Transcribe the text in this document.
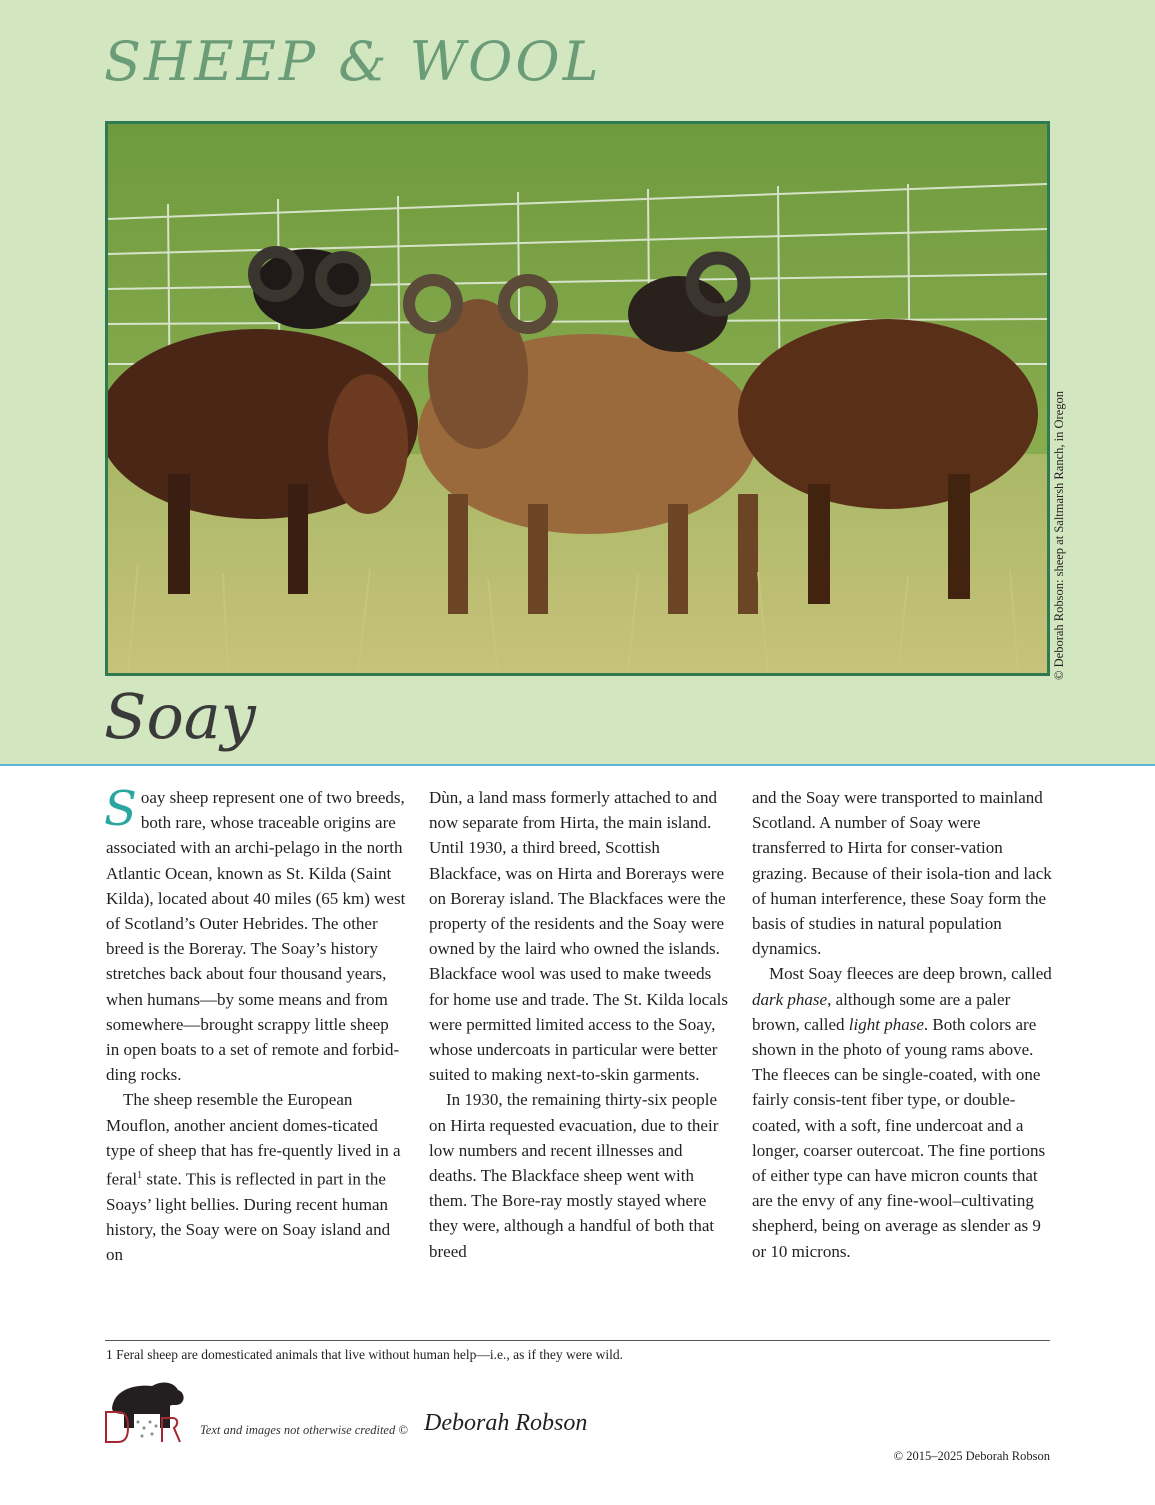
SHEEP & WOOL
© Deborah Robson: sheep at Saltmarsh Ranch, in Oregon
Soay

Soay sheep represent one of two breeds, both rare, whose traceable origins are associated with an archi-pelago in the north Atlantic Ocean, known as St. Kilda (Saint Kilda), located about 40 miles (65 km) west of Scotland’s Outer Hebrides. The other breed is the Boreray. The Soay’s history stretches back about four thousand years, when humans—by some means and from somewhere—brought scrappy little sheep in open boats to a set of remote and forbid-ding rocks.

The sheep resemble the European Mouflon, another ancient domes-ticated type of sheep that has fre-quently lived in a feral$^1$ state. This is reflected in part in the Soays’ light bellies. During recent human history, the Soay were on Soay island and on

Dùn, a land mass formerly attached to and now separate from Hirta, the main island. Until 1930, a third breed, Scottish Blackface, was on Hirta and Borerays were on Boreray island. The Blackfaces were the property of the residents and the Soay were owned by the laird who owned the islands. Blackface wool was used to make tweeds for home use and trade. The St. Kilda locals were permitted limited access to the Soay, whose undercoats in particular were better suited to making next-to-skin garments.

In 1930, the remaining thirty-six people on Hirta requested evacuation, due to their low numbers and recent illnesses and deaths. The Blackface sheep went with them. The Bore-ray mostly stayed where they were, although a handful of both that breed

and the Soay were transported to mainland Scotland. A number of Soay were transferred to Hirta for conser-vation grazing. Because of their isola-tion and lack of human interference, these Soay form the basis of studies in natural population dynamics.

Most Soay fleeces are deep brown, called dark phase, although some are a paler brown, called light phase. Both colors are shown in the photo of young rams above. The fleeces can be single-coated, with one fairly consis-tent fiber type, or double-coated, with a soft, fine undercoat and a longer, coarser outercoat. The fine portions of either type can have micron counts that are the envy of any fine-wool–cultivating shepherd, being on average as slender as 9 or 10 microns.

1 Feral sheep are domesticated animals that live without human help—i.e., as if they were wild.
Text and images not otherwise credited © Deborah Robson
© 2015–2025 Deborah Robson
